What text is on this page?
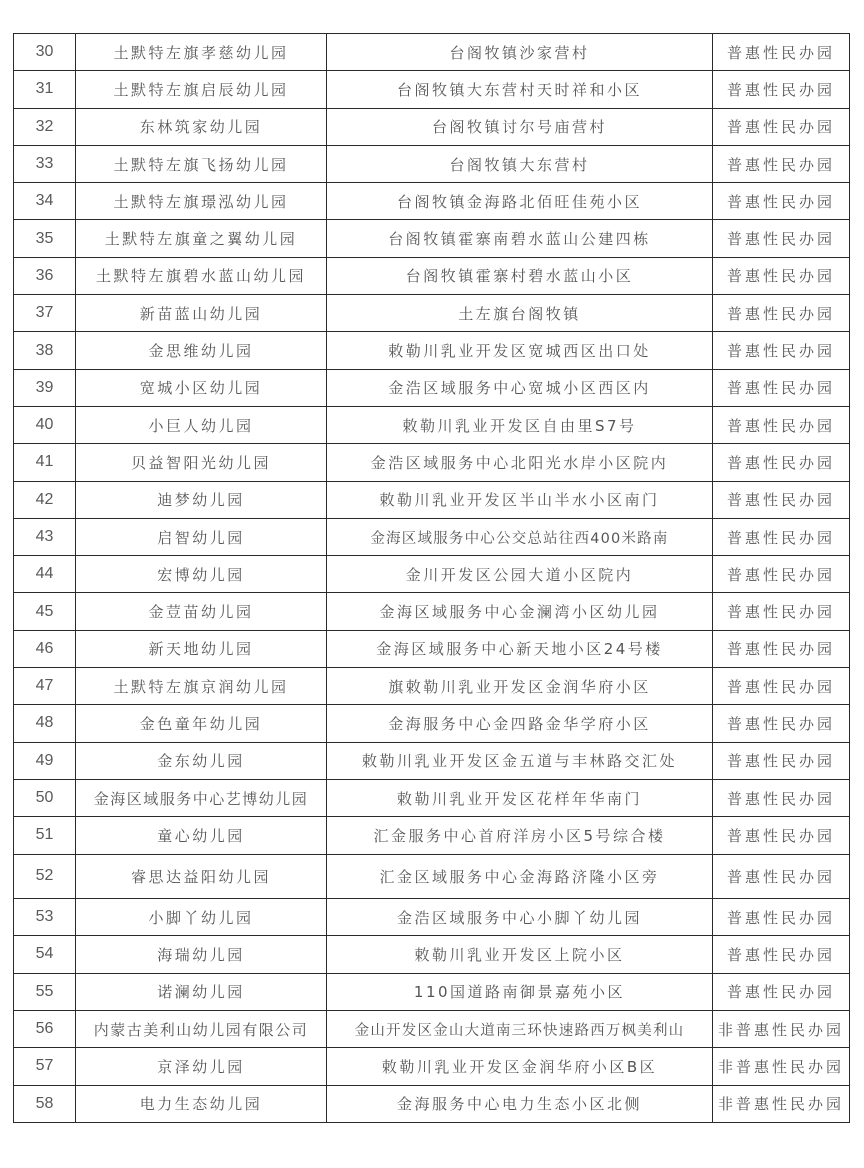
30	土默特左旗孝慈幼儿园	台阁牧镇沙家营村	普惠性民办园
31	土默特左旗启辰幼儿园	台阁牧镇大东营村天时祥和小区	普惠性民办园
32	东林筑家幼儿园	台阁牧镇讨尔号庙营村	普惠性民办园
33	土默特左旗飞扬幼儿园	台阁牧镇大东营村	普惠性民办园
34	土默特左旗璟泓幼儿园	台阁牧镇金海路北佰旺佳苑小区	普惠性民办园
35	土默特左旗童之翼幼儿园	台阁牧镇霍寨南碧水蓝山公建四栋	普惠性民办园
36	土默特左旗碧水蓝山幼儿园	台阁牧镇霍寨村碧水蓝山小区	普惠性民办园
37	新苗蓝山幼儿园	土左旗台阁牧镇	普惠性民办园
38	金思维幼儿园	敕勒川乳业开发区宽城西区出口处	普惠性民办园
39	宽城小区幼儿园	金浩区域服务中心宽城小区西区内	普惠性民办园
40	小巨人幼儿园	敕勒川乳业开发区自由里S7号	普惠性民办园
41	贝益智阳光幼儿园	金浩区域服务中心北阳光水岸小区院内	普惠性民办园
42	迪梦幼儿园	敕勒川乳业开发区半山半水小区南门	普惠性民办园
43	启智幼儿园	金海区域服务中心公交总站往西400米路南	普惠性民办园
44	宏博幼儿园	金川开发区公园大道小区院内	普惠性民办园
45	金荳苗幼儿园	金海区域服务中心金澜湾小区幼儿园	普惠性民办园
46	新天地幼儿园	金海区域服务中心新天地小区24号楼	普惠性民办园
47	土默特左旗京润幼儿园	旗敕勒川乳业开发区金润华府小区	普惠性民办园
48	金色童年幼儿园	金海服务中心金四路金华学府小区	普惠性民办园
49	金东幼儿园	敕勒川乳业开发区金五道与丰林路交汇处	普惠性民办园
50	金海区域服务中心艺博幼儿园	敕勒川乳业开发区花样年华南门	普惠性民办园
51	童心幼儿园	汇金服务中心首府洋房小区5号综合楼	普惠性民办园
52	睿思达益阳幼儿园	汇金区域服务中心金海路济隆小区旁	普惠性民办园
53	小脚丫幼儿园	金浩区域服务中心小脚丫幼儿园	普惠性民办园
54	海瑞幼儿园	敕勒川乳业开发区上院小区	普惠性民办园
55	诺澜幼儿园	110国道路南御景嘉苑小区	普惠性民办园
56	内蒙古美利山幼儿园有限公司	金山开发区金山大道南三环快速路西万枫美利山	非普惠性民办园
57	京泽幼儿园	敕勒川乳业开发区金润华府小区B区	非普惠性民办园
58	电力生态幼儿园	金海服务中心电力生态小区北侧	非普惠性民办园
